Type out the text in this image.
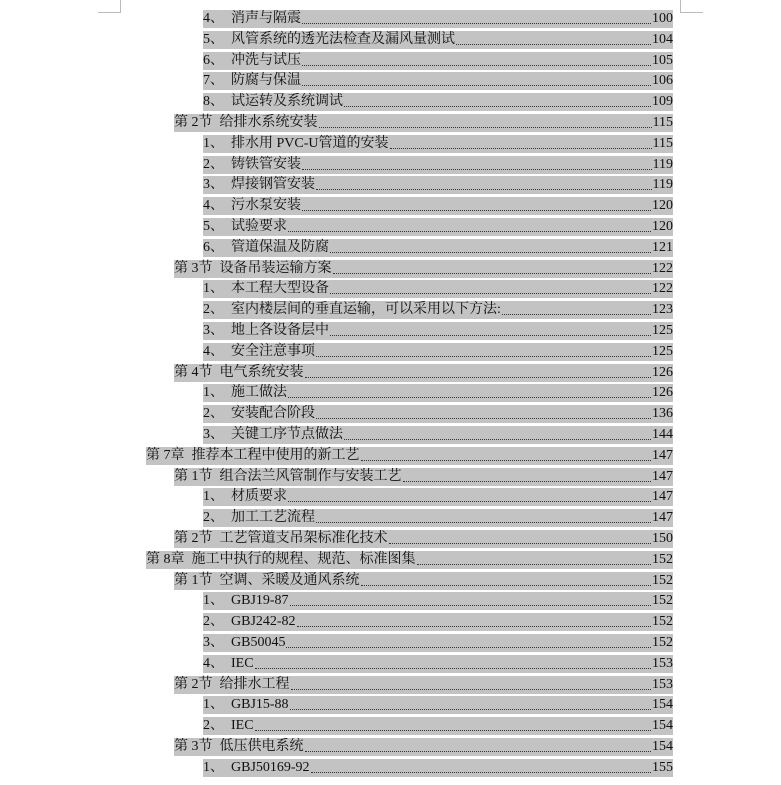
4、 消声与隔震	100
5、 风管系统的透光法检查及漏风量测试	104
6、 冲洗与试压	105
7、 防腐与保温	106
8、 试运转及系统调试	109
第 2节 给排水系统安装	115
1、 排水用 PVC-U管道的安装	115
2、 铸铁管安装	119
3、 焊接钢管安装	119
4、 污水泵安装	120
5、 试验要求	120
6、 管道保温及防腐	121
第 3节 设备吊装运输方案	122
1、 本工程大型设备	122
2、 室内楼层间的垂直运输，可以采用以下方法:	123
3、 地上各设备层中	125
4、 安全注意事项	125
第 4节 电气系统安装	126
1、 施工做法	126
2、 安装配合阶段	136
3、 关键工序节点做法	144
第 7章 推荐本工程中使用的新工艺	147
第 1节 组合法兰风管制作与安装工艺	147
1、 材质要求	147
2、 加工工艺流程	147
第 2节 工艺管道支吊架标准化技术	150
第 8章 施工中执行的规程、规范、标准图集	152
第 1节 空调、采暖及通风系统	152
1、 GBJ19-87	152
2、 GBJ242-82	152
3、 GB50045	152
4、 IEC	153
第 2节 给排水工程	153
1、 GBJ15-88	154
2、 IEC	154
第 3节 低压供电系统	154
1、 GBJ50169-92	155
